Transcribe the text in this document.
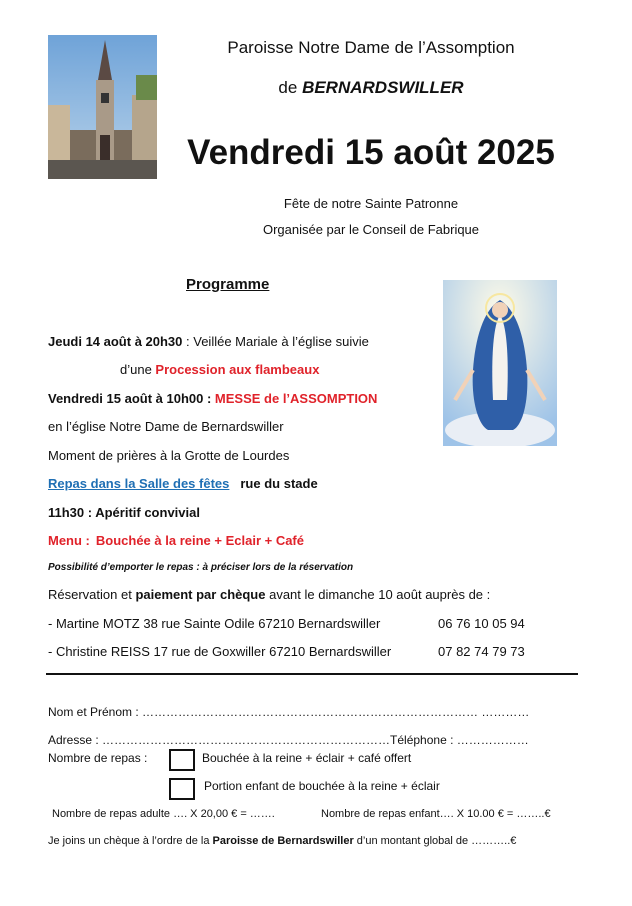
Paroisse Notre Dame de l’Assomption
de BERNARDSWILLER
Vendredi 15 août 2025
Fête de notre Sainte Patronne
Organisée par le Conseil de Fabrique
Programme
Jeudi 14 août à 20h30 : Veillée Mariale à l’église suivie
d’une Procession aux flambeaux
Vendredi 15 août à 10h00 : MESSE de l’ASSOMPTION
en l’église Notre Dame de Bernardswiller
Moment de prières à la Grotte de Lourdes
Repas dans la Salle des fêtes rue du stade
11h30 : Apéritif convivial
Menu : Bouchée à la reine + Eclair + Café
Possibilité d’emporter le repas : à préciser lors de la réservation
Réservation et paiement par chèque avant le dimanche 10 août auprès de :
- Martine MOTZ 38 rue Sainte Odile 67210 Bernardswiller	06 76 10 05 94
- Christine REISS 17 rue de Goxwiller 67210 Bernardswiller	07 82 74 79 73
Nom et Prénom : ………………………………………………………………………… …………
Adresse : ………………………………………………………………Téléphone : ………………
Nombre de repas :	Bouchée à la reine + éclair + café offert
Portion enfant de bouchée à la reine + éclair
Nombre de repas adulte …. X 20,00 € = …….	Nombre de repas enfant…. X 10.00 € = ……..€
Je joins un chèque à l’ordre de la Paroisse de Bernardswiller d’un montant global de ………..€
